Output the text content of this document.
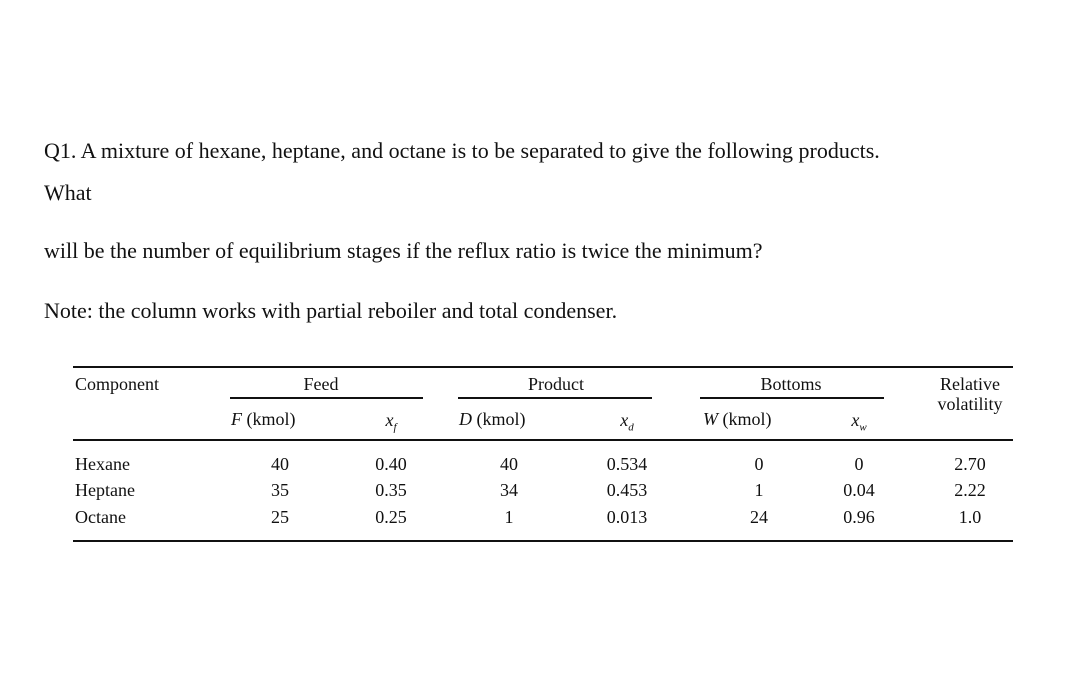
Q1. A mixture of hexane, heptane, and octane is to be separated to give the following products.
What
will be the number of equilibrium stages if the reflux ratio is twice the minimum?
Note: the column works with partial reboiler and total condenser.
Component	Feed	Product	Bottoms	Relative
volatility
F (kmol)	$x_f$	D (kmol)	$x_d$	W (kmol)	$x_w$
Hexane	40	0.40	40	0.534	0	0	2.70
Heptane	35	0.35	34	0.453	1	0.04	2.22
Octane	25	0.25	1	0.013	24	0.96	1.0
